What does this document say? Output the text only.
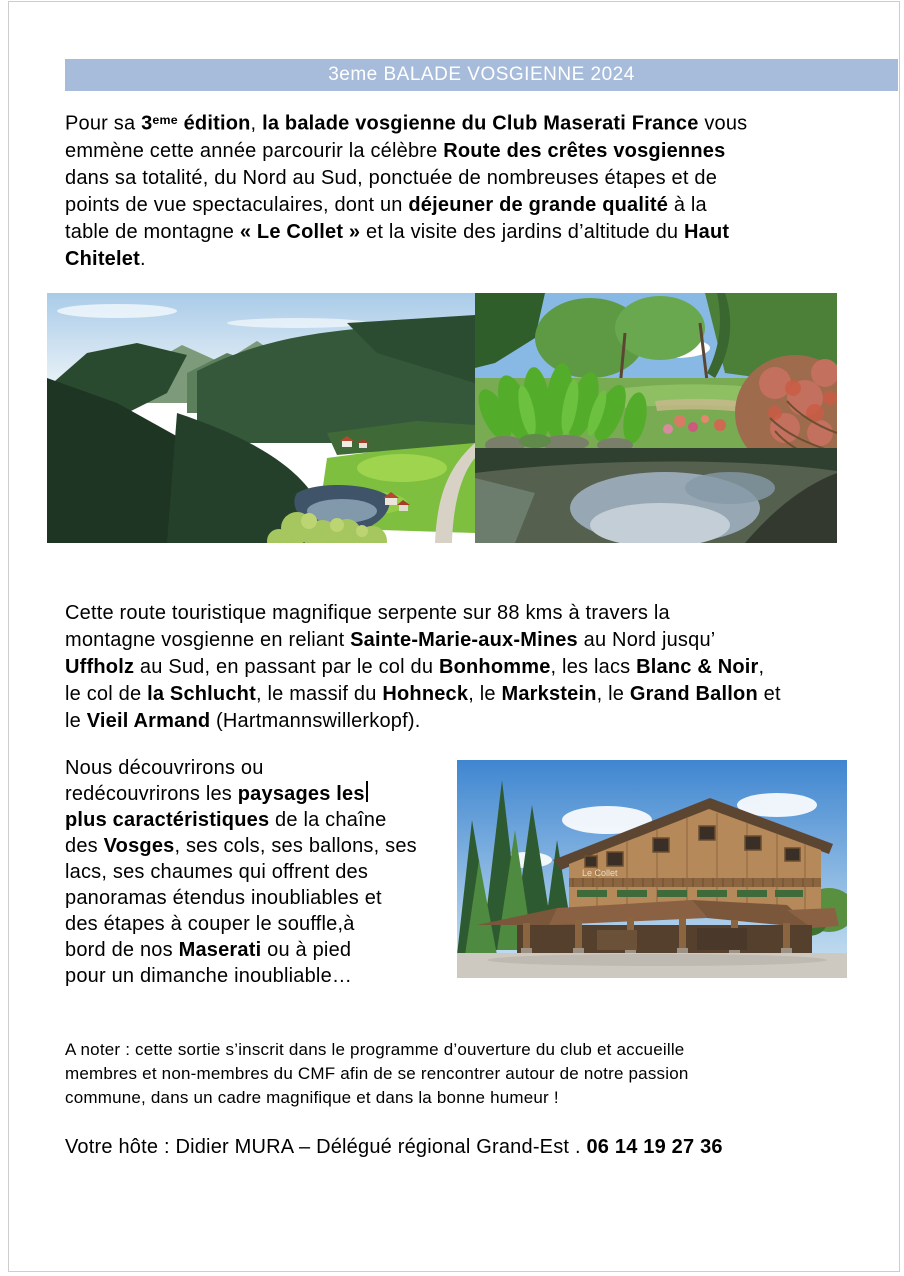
3eme BALADE VOSGIENNE 2024
Pour sa 3eme édition, la balade vosgienne du Club Maserati France vous
emmène cette année parcourir la célèbre Route des crêtes vosgiennes
dans sa totalité, du Nord au Sud, ponctuée de nombreuses étapes et de
points de vue spectaculaires, dont un déjeuner de grande qualité à la
table de montagne « Le Collet » et la visite des jardins d’altitude du Haut
Chitelet.
Cette route touristique magnifique serpente sur 88 kms à travers la
montagne vosgienne en reliant Sainte-Marie-aux-Mines au Nord jusqu’
Uffholz au Sud, en passant par le col du Bonhomme, les lacs Blanc & Noir,
le col de la Schlucht, le massif du Hohneck, le Markstein, le Grand Ballon et
le Vieil Armand (Hartmannswillerkopf).
Nous découvrirons ou
redécouvrirons les paysages les
plus caractéristiques de la chaîne
des Vosges, ses cols, ses ballons, ses
lacs, ses chaumes qui offrent des
panoramas étendus inoubliables et
des étapes à couper le souffle,à
bord de nos Maserati ou à pied
pour un dimanche inoubliable…
Le Collet
A noter : cette sortie s’inscrit dans le programme d’ouverture du club et accueille
membres et non-membres du CMF afin de se rencontrer autour de notre passion
commune, dans un cadre magnifique et dans la bonne humeur !
Votre hôte : Didier MURA – Délégué régional Grand-Est . 06 14 19 27 36
